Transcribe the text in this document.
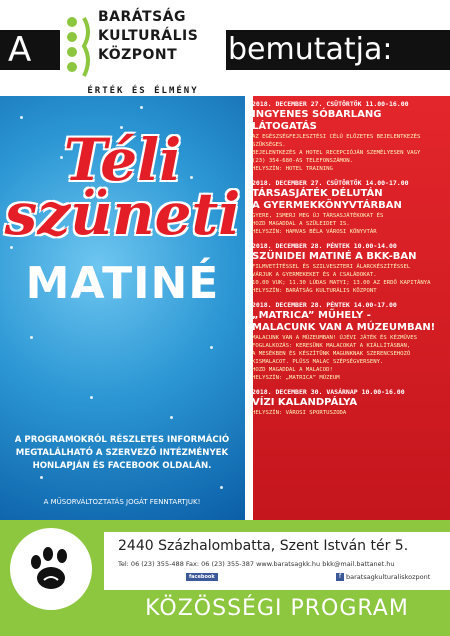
A	bemutatja:
BARÁTSÁG
KULTURÁLIS
KÖZPONT
ÉRTÉK ÉS ÉLMÉNY
Téli
szüneti
MATINÉ
A PROGRAMOKRÓL RÉSZLETES INFORMÁCIÓ MEGTALÁLHATÓ A SZERVEZŐ INTÉZMÉNYEK HONLAPJÁN ÉS FACEBOOK OLDALÁN.
A MŰSORVÁLTOZTATÁS JOGÁT FENNTARTJUK!
2018. DECEMBER 27. CSÜTÖRTÖK 11.00-16.00
INGYENES SÓBARLANG LÁTOGATÁS
AZ EGÉSZSÉGFEJLESZTÉSI CÉLÚ ELŐZETES BEJELENTKEZÉS SZÜKSÉGES.
BEJELENTKEZÉS A HOTEL RECEPCIÓJÁN SZEMÉLYESEN VAGY
(23) 354-680-AS TELEFONSZÁMON.
HELYSZÍN: HOTEL TRAINING
2018. DECEMBER 27. CSÜTÖRTÖK 14.00-17.00
TÁRSASJÁTÉK DÉLUTÁN
A GYERMEKKÖNYVTÁRBAN
GYERE, ISMERJ MEG ÚJ TÁRSASJÁTÉKOKAT ÉS
HOZD MAGADDAL A SZÜLEIDET IS.
HELYSZÍN: HAMVAS BÉLA VÁROSI KÖNYVTÁR
2018. DECEMBER 28. PÉNTEK 10.00-14.00
SZÜNIDEI MATINÉ A BKK-BAN
FILMVETÍTÉSSEL ÉS SZILVESZTERI ÁLARCKÉSZÍTÉSSEL
VÁRJUK A GYERMEKEKET ÉS A CSALÁDOKAT.
10.00 VUK; 11.30 LÚDAS MATYI; 13.00 AZ ERDŐ KAPITÁNYA
HELYSZÍN: BARÁTSÁG KULTURÁLIS KÖZPONT
2018. DECEMBER 28. PÉNTEK 14.00-17.00
„MATRICA” MŰHELY -
MALACUNK VAN A MÚZEUMBAN!
MALACUNK VAN A MÚZEUMBAN! ÚJÉVI JÁTÉK ÉS KÉZMŰVES
FOGLALKOZÁS: KERESÜNK MALACOKAT A KIÁLLÍTÁSBAN,
A MESÉKBEN ÉS KÉSZÍTÜNK MAGUNKNAK SZERENCSEHOZÓ
KISMALACOT. PLÜSS MALAC SZÉPSÉGVERSENY.
HOZD MAGADDAL A MALACOD!
HELYSZÍN: „MATRICA” MÚZEUM
2018. DECEMBER 30. VASÁRNAP 10.00-16.00
VÍZI KALANDPÁLYA
HELYSZÍN: VÁROSI SPORTUSZODA
2440 Százhalombatta, Szent István tér 5.
Tel: 06 (23) 355-488 Fax: 06 (23) 355-387 www.baratsagkk.hu bkk@mail.battanet.hu
facebook	f baratsagkulturaliskozpont
KÖZÖSSÉGI PROGRAM
